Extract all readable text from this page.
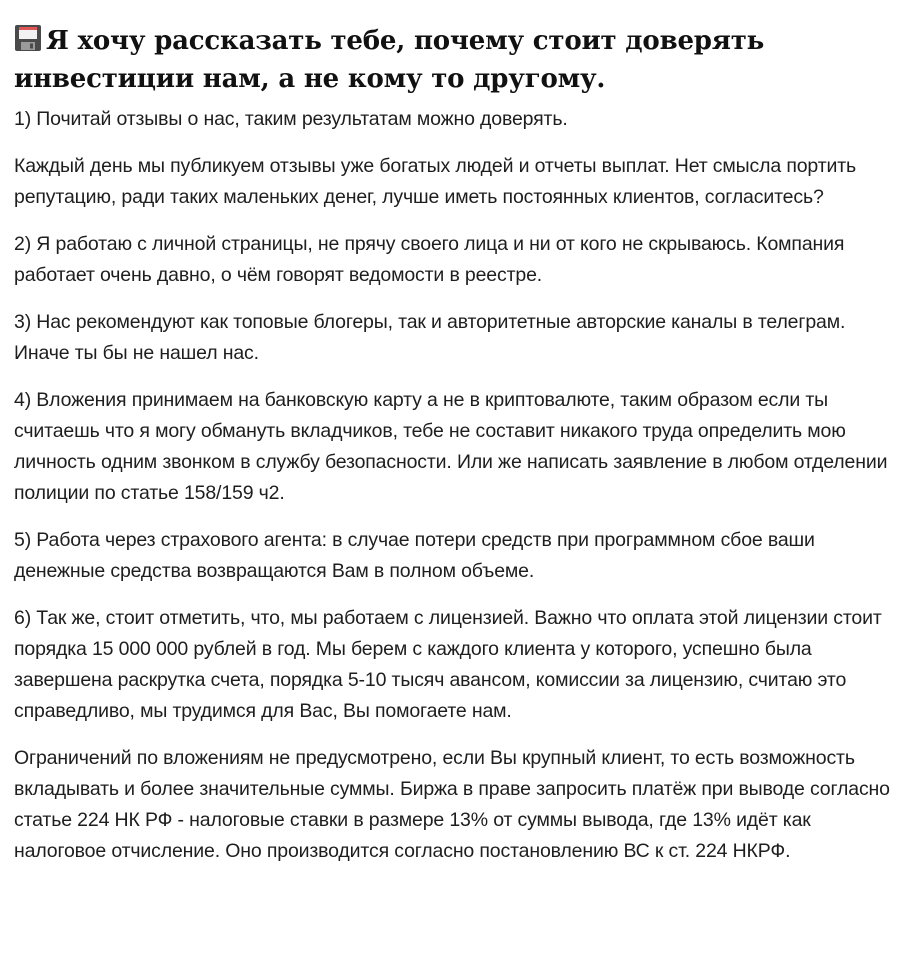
Я хочу рассказать тебе, почему стоит доверять инвестиции нам, а не кому то другому.

1) Почитай отзывы о нас, таким результатам можно доверять.

Каждый день мы публикуем отзывы уже богатых людей и отчеты выплат. Нет смысла портить репутацию, ради таких маленьких денег, лучше иметь постоянных клиентов, согласитесь?

2) Я работаю с личной страницы, не прячу своего лица и ни от кого не скрываюсь. Компания работает очень давно, о чём говорят ведомости в реестре.

3) Нас рекомендуют как топовые блогеры, так и авторитетные авторские каналы в телеграм. Иначе ты бы не нашел нас.

4) Вложения принимаем на банковскую карту а не в криптовалюте, таким образом если ты считаешь что я могу обмануть вкладчиков, тебе не составит никакого труда определить мою личность одним звонком в службу безопасности. Или же написать заявление в любом отделении полиции по статье 158/159 ч2.

5) Работа через страхового агента: в случае потери средств при программном сбое ваши денежные средства возвращаются Вам в полном объеме.

6) Так же, стоит отметить, что, мы работаем с лицензией. Важно что оплата этой лицензии стоит порядка 15 000 000 рублей в год. Мы берем с каждого клиента у которого, успешно была завершена раскрутка счета, порядка 5-10 тысяч авансом, комиссии за лицензию, считаю это справедливо, мы трудимся для Вас, Вы помогаете нам.

Ограничений по вложениям не предусмотрено, если Вы крупный клиент, то есть возможность вкладывать и более значительные суммы. Биржа в праве запросить платёж при выводе согласно статье 224 НК РФ - налоговые ставки в размере 13% от суммы вывода, где 13% идёт как налоговое отчисление. Оно производится согласно постановлению ВС к ст. 224 НКРФ.
